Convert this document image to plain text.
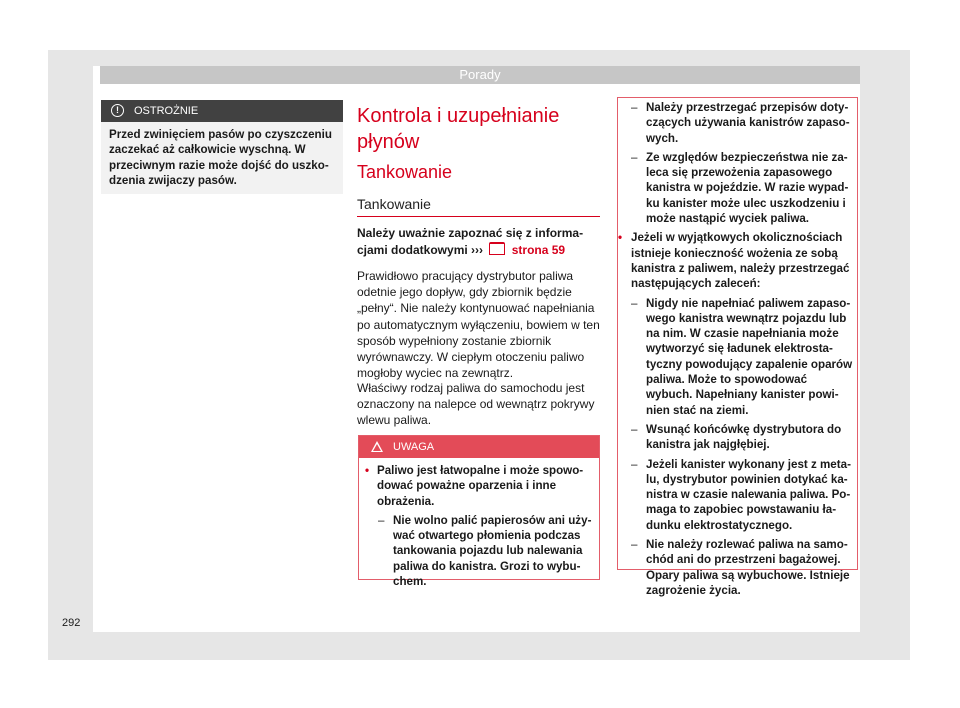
Porady
!	OSTROŻNIE
Przed zwinięciem pasów po czyszczeniu zaczekać aż całkowicie wyschną. W przeciwnym razie może dojść do uszkodzenia zwijaczy pasów.
Kontrola i uzupełnianie płynów
Tankowanie
Tankowanie
Należy uważnie zapoznać się z informacjami dodatkowymi ››› strona 59
Prawidłowo pracujący dystrybutor paliwa odetnie jego dopływ, gdy zbiornik będzie „pełny“. Nie należy kontynuować napełniania po automatycznym wyłączeniu, bowiem w ten sposób wypełniony zostanie zbiornik wyrównawczy. W ciepłym otoczeniu paliwo mogłoby wyciec na zewnątrz.
Właściwy rodzaj paliwa do samochodu jest oznaczony na nalepce od wewnątrz pokrywy wlewu paliwa.
UWAGA
• Paliwo jest łatwopalne i może spowodować poważne oparzenia i inne obrażenia.
– Nie wolno palić papierosów ani używać otwartego płomienia podczas tankowania pojazdu lub nalewania paliwa do kanistra. Grozi to wybuchem.
– Należy przestrzegać przepisów dotyczących używania kanistrów zapasowych.
– Ze względów bezpieczeństwa nie zaleca się przewożenia zapasowego kanistra w pojeździe. W razie wypadku kanister może ulec uszkodzeniu i może nastąpić wyciek paliwa.
• Jeżeli w wyjątkowych okolicznościach istnieje konieczność wożenia ze sobą kanistra z paliwem, należy przestrzegać następujących zaleceń:
– Nigdy nie napełniać paliwem zapasowego kanistra wewnątrz pojazdu lub na nim. W czasie napełniania może wytworzyć się ładunek elektrostatyczny powodujący zapalenie oparów paliwa. Może to spowodować wybuch. Napełniany kanister powinien stać na ziemi.
– Wsunąć końcówkę dystrybutora do kanistra jak najgłębiej.
– Jeżeli kanister wykonany jest z metalu, dystrybutor powinien dotykać kanistra w czasie nalewania paliwa. Pomaga to zapobiec powstawaniu ładunku elektrostatycznego.
– Nie należy rozlewać paliwa na samochód ani do przestrzeni bagażowej. Opary paliwa są wybuchowe. Istnieje zagrożenie życia.
292
